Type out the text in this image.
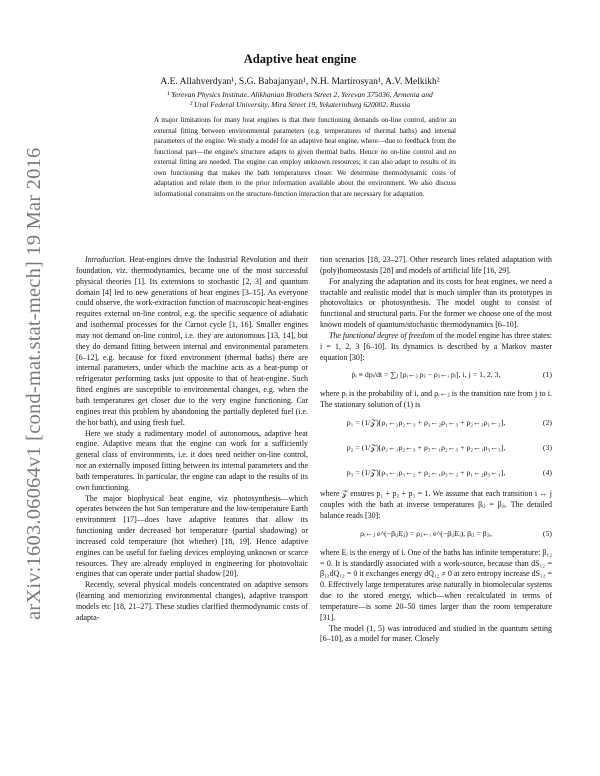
arXiv:1603.06064v1 [cond-mat.stat-mech] 19 Mar 2016
Adaptive heat engine
A.E. Allahverdyan¹, S.G. Babajanyan¹, N.H. Martirosyan¹, A.V. Melkikh²
¹ Yerevan Physics Institute, Alikhanian Brothers Street 2, Yerevan 375036, Armenia and
² Ural Federal University, Mira Street 19, Yekaterinburg 620002, Russia
A major limitations for many heat engines is that their functioning demands on-line control, and/or an external fitting between environmental parameters (e.g. temperatures of thermal baths) and internal parameters of the engine. We study a model for an adaptive heat engine, where—due to feedback from the functional part—the engine's structure adapts to given thermal baths. Hence no on-line control and no external fitting are needed. The engine can employ unknown resources; it can also adapt to results of its own functioning that makes the bath temperatures closer. We determine thermodynamic costs of adaptation and relate them to the prior information available about the environment. We also discuss informational constraints on the structure-function interaction that are necessary for adaptation.

Introduction. Heat-engines drove the Industrial Revolution and their foundation, viz. thermodynamics, became one of the most successful physical theories [1]. Its extensions to stochastic [2, 3] and quantum domain [4] led to new generations of heat engines [3–15]. As everyone could observe, the work-extraction function of macroscopic heat-engines requires external on-line control, e.g. the specific sequence of adiabatic and isothermal processes for the Carnot cycle [1, 16]. Smaller engines may not demand on-line control, i.e. they are autonomous [13, 14], but they do demand fitting between internal and environmental parameters [6–12], e.g. because for fixed environment (thermal baths) there are internal parameters, under which the machine acts as a heat-pump or refrigerator performing tasks just opposite to that of heat-engine. Such fitted engines are susceptible to environmental changes, e.g. when the bath temperatures get closer due to the very engine functioning. Car engines treat this problem by abandoning the partially depleted fuel (i.e. the hot bath), and using fresh fuel.

Here we study a rudimentary model of autonomous, adaptive heat engine. Adaptive means that the engine can work for a sufficiently general class of environments, i.e. it does need neither on-line control, nor an externally imposed fitting between its internal parameters and the bath temperatures. In particular, the engine can adapt to the results of its own functioning.

The major biophysical heat engine, viz photosynthesis—which operates between the hot Sun temperature and the low-temperature Earth environment [17]—does have adaptive features that allow its functioning under decreased hot temperature (partial shadowing) or increased cold temperature (hot whether) [18, 19]. Hence adaptive engines can be useful for fueling devices employing unknown or scarce resources. They are already employed in engineering for photovoltaic engines that can operate under partial shadow [20].

Recently, several physical models concentrated on adaptive sensors (learning and memorizing environmental changes), adaptive transport models etc [18, 21–27]. These studies clarified thermodynamic costs of adapta-

tion scenarios [18, 23–27]. Other research lines related adaptation with (poly)homeostasis [28] and models of artificial life [16, 29].

For analyzing the adaptation and its costs for heat engines, we need a tractable and realistic model that is much simpler than its prototypes in photovoltaics or photosynthesis. The model ought to consist of functional and structural parts. For the former we choose one of the most known models of quantum/stochastic thermodynamics [6–10].

The functional degree of freedom of the model engine has three states: i = 1, 2, 3 [6–10]. Its dynamics is described by a Markov master equation [30]:

ṗᵢ ≡ dpᵢ/dt = ∑ⱼ [ρᵢ←ⱼ pⱼ − ρⱼ←ᵢ pᵢ], i, j = 1, 2, 3,	(1)

where pᵢ is the probability of i, and ρᵢ←ⱼ is the transition rate from j to i. The stationary solution of (1) is

p₁ = (1/𝒵)[ρ₁←₂ρ₂←₃ + ρ₃←₂ρ₁←₃ + ρ₂←₃ρ₁←₂],	(2)
p₂ = (1/𝒵)[ρ₂←₁ρ₂←₃ + ρ₃←₁ρ₂←₃ + ρ₂←₁ρ₃←₃],	(3)
p₃ = (1/𝒵)[ρ₃←₁ρ₃←₂ + ρ₂←₁ρ₃←₂ + ρ₁←₂ρ₃←₁],	(4)

where 𝒵 ensures p₁ + p₂ + p₃ = 1. We assume that each transition i ↔ j couples with the bath at inverse temperatures βᵢⱼ = βⱼᵢ. The detailed balance reads [30]:

ρᵢ←ⱼ e^(−βᵢⱼEⱼ) = ρⱼ←ᵢ e^(−βᵢⱼEᵢ), βᵢⱼ = βⱼᵢ,	(5)

where Eᵢ is the energy of i. One of the baths has infinite temperature: β₁₂ = 0. It is standardly associated with a work-source, because than dS₁₂ = β₁₂dQ₁₂ = 0 it exchanges energy dQ₁₂ ≠ 0 at zero entropy increase dS₁₂ = 0. Effectively large temperatures arise naturally in biomolecular systems due to the stored energy, which—when recalculated in terms of temperature—is some 20–50 times larger than the room temperature [31].

The model (1, 5) was introduced and studied in the quantum setting [6–10], as a model for maser. Closely
